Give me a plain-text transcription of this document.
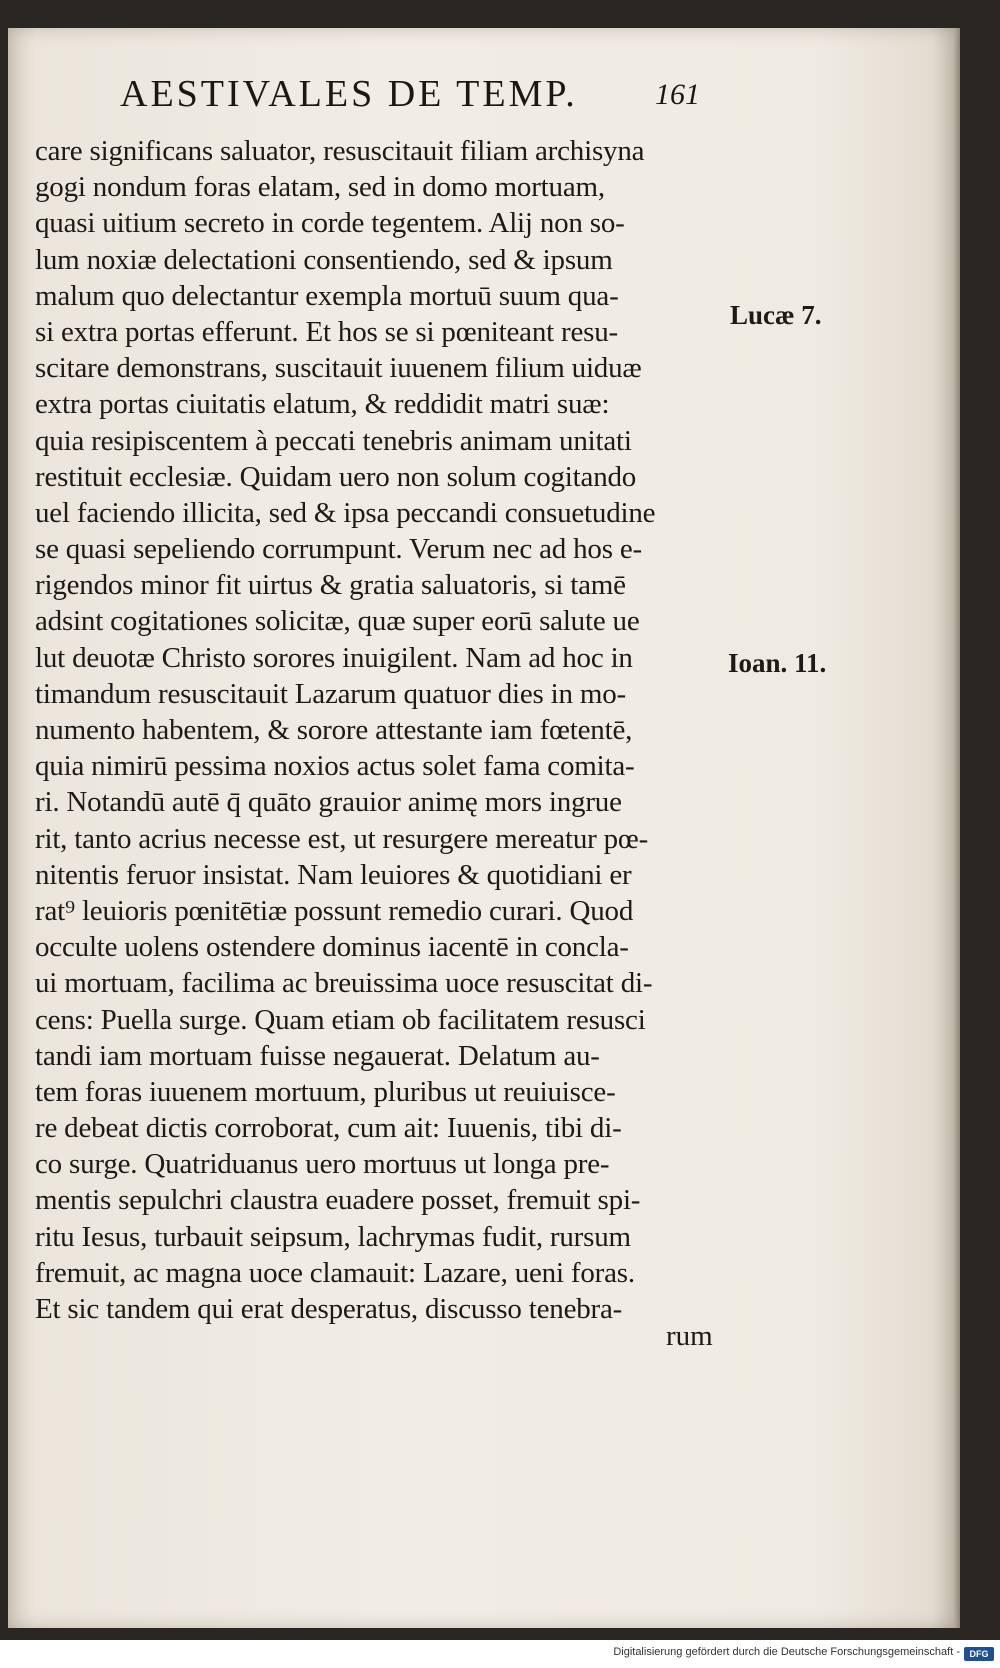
AESTIVALES DE TEMP.	161
care significans saluator, resuscitauit filiam archisyna
gogi nondum foras elatam, sed in domo mortuam,
quasi uitium secreto in corde tegentem. Alij non so-
lum noxiæ delectationi consentiendo, sed & ipsum
malum quo delectantur exempla mortuū suum qua-
si extra portas efferunt. Et hos se si pœniteant resu-
scitare demonstrans, suscitauit iuuenem filium uiduæ
extra portas ciuitatis elatum, & reddidit matri suæ:
quia resipiscentem à peccati tenebris animam unitati
restituit ecclesiæ. Quidam uero non solum cogitando
uel faciendo illicita, sed & ipsa peccandi consuetudine
se quasi sepeliendo corrumpunt. Verum nec ad hos e-
rigendos minor fit uirtus & gratia saluatoris, si tamē
adsint cogitationes solicitæ, quæ super eorū salute ue
lut deuotæ Christo sorores inuigilent. Nam ad hoc in
timandum resuscitauit Lazarum quatuor dies in mo-
numento habentem, & sorore attestante iam fœtentē,
quia nimirū pessima noxios actus solet fama comita-
ri. Notandū autē q̄ quāto grauior animę mors ingrue
rit, tanto acrius necesse est, ut resurgere mereatur pœ-
nitentis feruor insistat. Nam leuiores & quotidiani er
rat⁹ leuioris pœnitētiæ possunt remedio curari. Quod
occulte uolens ostendere dominus iacentē in concla-
ui mortuam, facilima ac breuissima uoce resuscitat di-
cens: Puella surge. Quam etiam ob facilitatem resusci
tandi iam mortuam fuisse negauerat. Delatum au-
tem foras iuuenem mortuum, pluribus ut reuiuisce-
re debeat dictis corroborat, cum ait: Iuuenis, tibi di-
co surge. Quatriduanus uero mortuus ut longa pre-
mentis sepulchri claustra euadere posset, fremuit spi-
ritu Iesus, turbauit seipsum, lachrymas fudit, rursum
fremuit, ac magna uoce clamauit: Lazare, ueni foras.
Et sic tandem qui erat desperatus, discusso tenebra-
rum
Lucæ 7.
Ioan. 11.
Digitalisierung gefördert durch die Deutsche Forschungsgemeinschaft -	DFG
